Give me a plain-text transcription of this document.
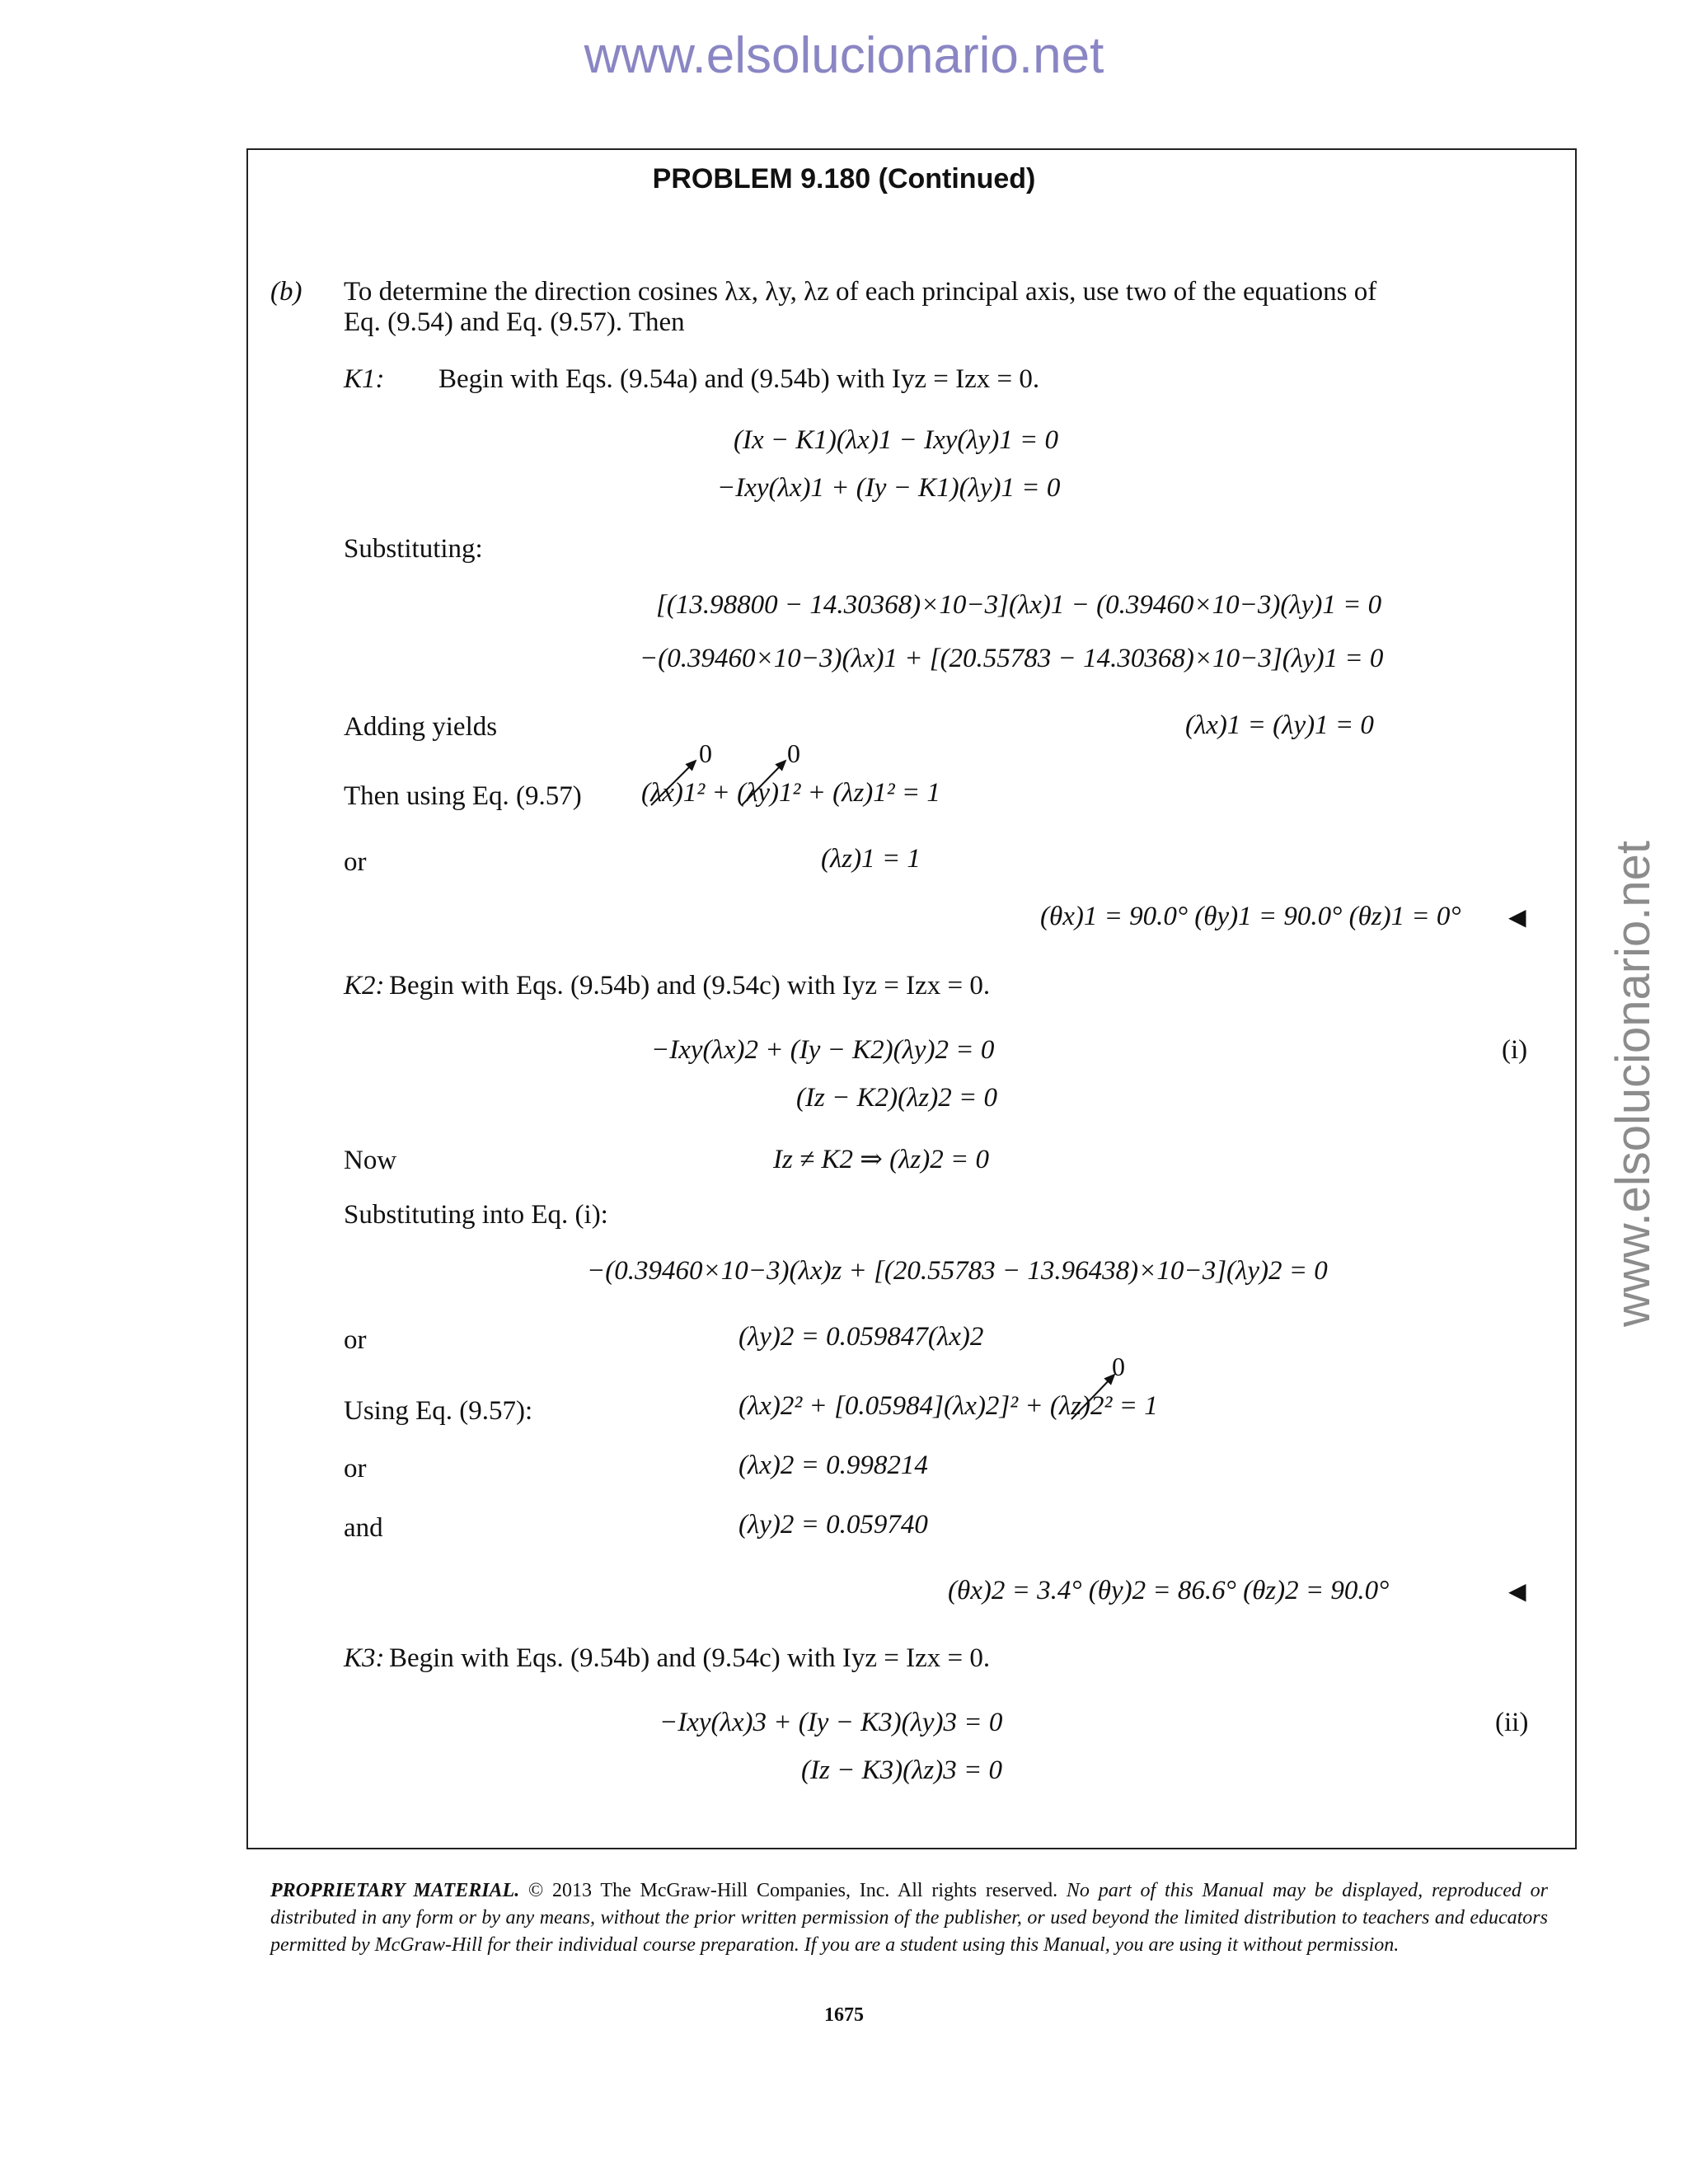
www.elsolucionario.net
www.elsolucionario.net
PROBLEM 9.180 (Continued)
(b) To determine the direction cosines λx, λy, λz of each principal axis, use two of the equations of
Eq. (9.54) and Eq. (9.57). Then
K1: Begin with Eqs. (9.54a) and (9.54b) with Iyz = Izx = 0.
(Ix − K1)(λx)1 − Ixy(λy)1 = 0
−Ixy(λx)1 + (Iy − K1)(λy)1 = 0
Substituting:
[(13.98800 − 14.30368)×10−3](λx)1 − (0.39460×10−3)(λy)1 = 0
−(0.39460×10−3)(λx)1 + [(20.55783 − 14.30368)×10−3](λy)1 = 0
Adding yields	(λx)1 = (λy)1 = 0
Then using Eq. (9.57)
0	0
(λx)1² + (λy)1² + (λz)1² = 1
or	(λz)1 = 1
(θx)1 = 90.0° (θy)1 = 90.0° (θz)1 = 0° ◀
K2: Begin with Eqs. (9.54b) and (9.54c) with Iyz = Izx = 0.
−Ixy(λx)2 + (Iy − K2)(λy)2 = 0	(i)
(Iz − K2)(λz)2 = 0
Now	Iz ≠ K2 ⇒ (λz)2 = 0
Substituting into Eq. (i):
−(0.39460×10−3)(λx)z + [(20.55783 − 13.96438)×10−3](λy)2 = 0
or	(λy)2 = 0.059847(λx)2
Using Eq. (9.57):
0
(λx)2² + [0.05984](λx)2]² + (λz)2² = 1
or	(λx)2 = 0.998214
and	(λy)2 = 0.059740
(θx)2 = 3.4° (θy)2 = 86.6° (θz)2 = 90.0°	◀
K3: Begin with Eqs. (9.54b) and (9.54c) with Iyz = Izx = 0.
−Ixy(λx)3 + (Iy − K3)(λy)3 = 0	(ii)
(Iz − K3)(λz)3 = 0
PROPRIETARY MATERIAL. © 2013 The McGraw-Hill Companies, Inc. All rights reserved. No part of this Manual may be displayed, reproduced or distributed in any form or by any means, without the prior written permission of the publisher, or used beyond the limited distribution to teachers and educators permitted by McGraw-Hill for their individual course preparation. If you are a student using this Manual, you are using it without permission.
1675
